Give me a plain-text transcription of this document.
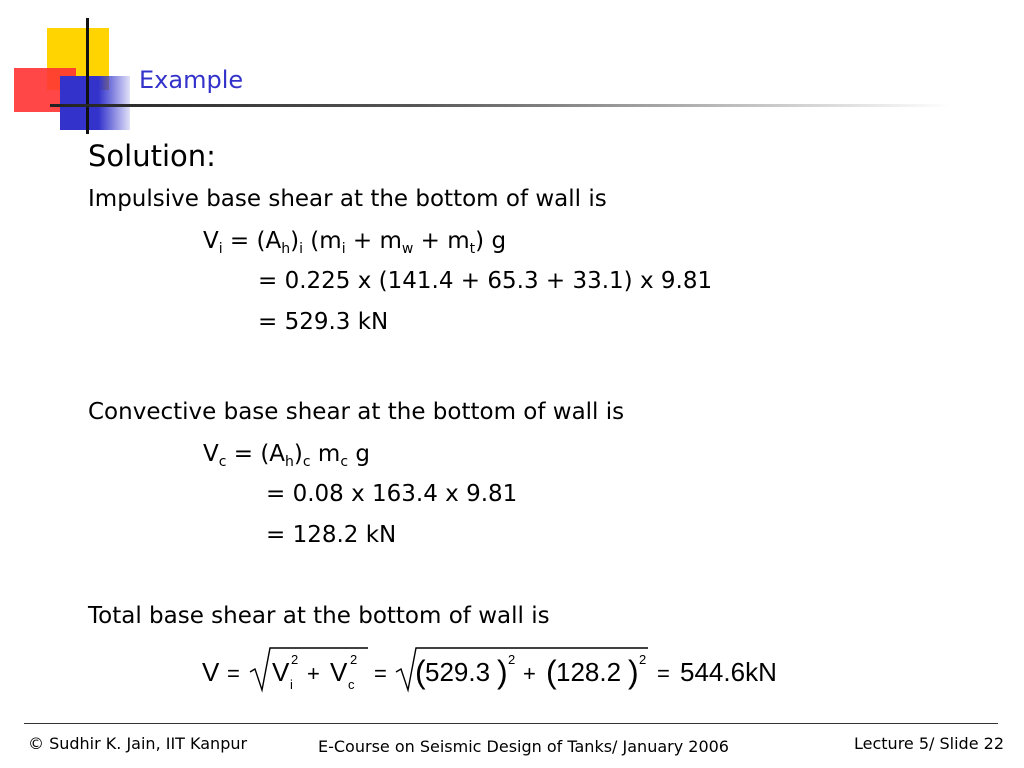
Example
Solution:
Impulsive base shear at the bottom of wall is
$V_i = (A_h)_i$ $(m_i + m_w + m_t)$ g
= 0.225 x (141.4 + 65.3 + 33.1) x 9.81
= 529.3 kN
Convective base shear at the bottom of wall is
$V_c = (A_h)_c$ $m_c$ g
= 0.08 x 163.4 x 9.81
= 128.2 kN
Total base shear at the bottom of wall is
V = V i
2
+ V c
2
= ( 529.3 ) 2
+ ( 128.2 ) 2
= 544.6kN
© Sudhir K. Jain, IIT Kanpur	E-Course on Seismic Design of Tanks/ January 2006	Lecture 5/ Slide 22
